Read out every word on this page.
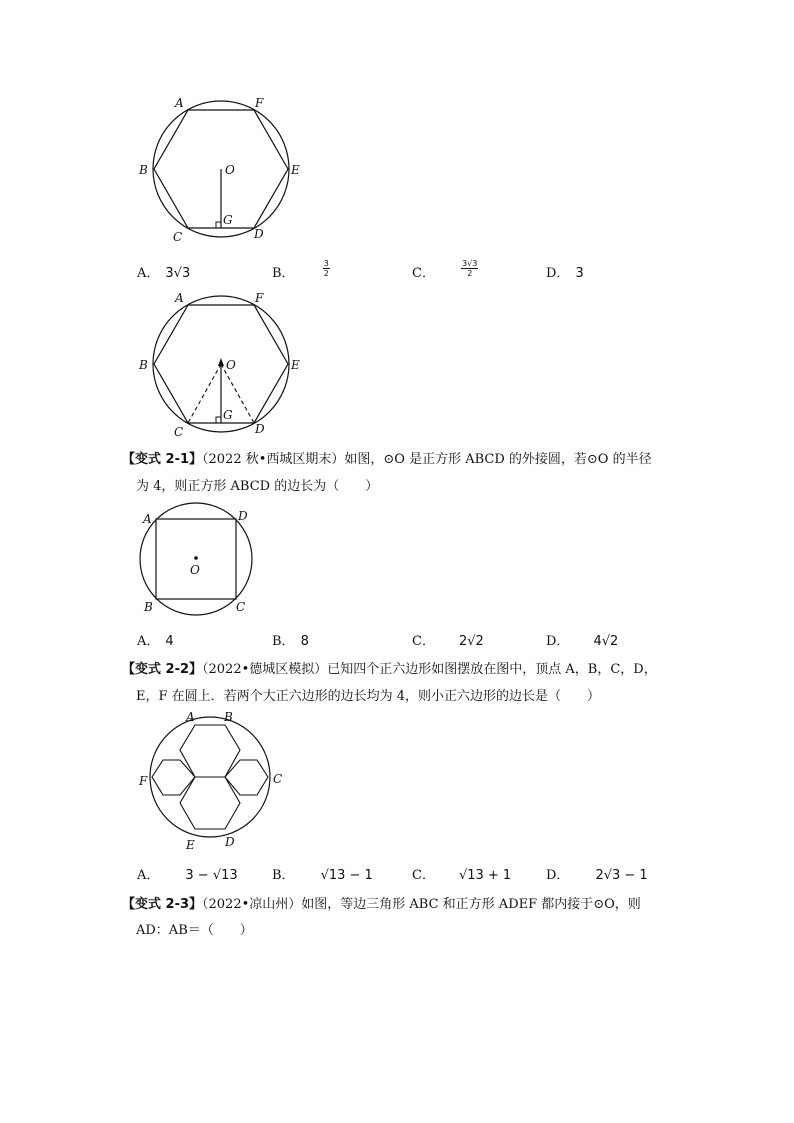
A	F
B	E
C	D
O
G
A． 3√3	B．	$\frac{3}{2}$	C．	$\frac{3√3}{2}$	D． 3
A	F
B	E
C	D
O
G
【变式 2-1】（2022 秋•西城区期末）如图，⊙O 是正方形 ABCD 的外接圆，若⊙O 的半径
为 4，则正方形 ABCD 的边长为（　　）
A	D
O
B	C
A． 4	B． 8	C． 2√2	D． 4√2
【变式 2-2】（2022•德城区模拟）已知四个正六边形如图摆放在图中，顶点 A，B，C，D，
E，F 在圆上．若两个大正六边形的边长均为 4，则小正六边形的边长是（　　）
A B
F	C
E	D
A． 3 − √13	B． √13 − 1	C． √13 + 1	D． 2√3 − 1
【变式 2-3】（2022•凉山州）如图，等边三角形 ABC 和正方形 ADEF 都内接于⊙O，则
AD：AB＝（　　）
